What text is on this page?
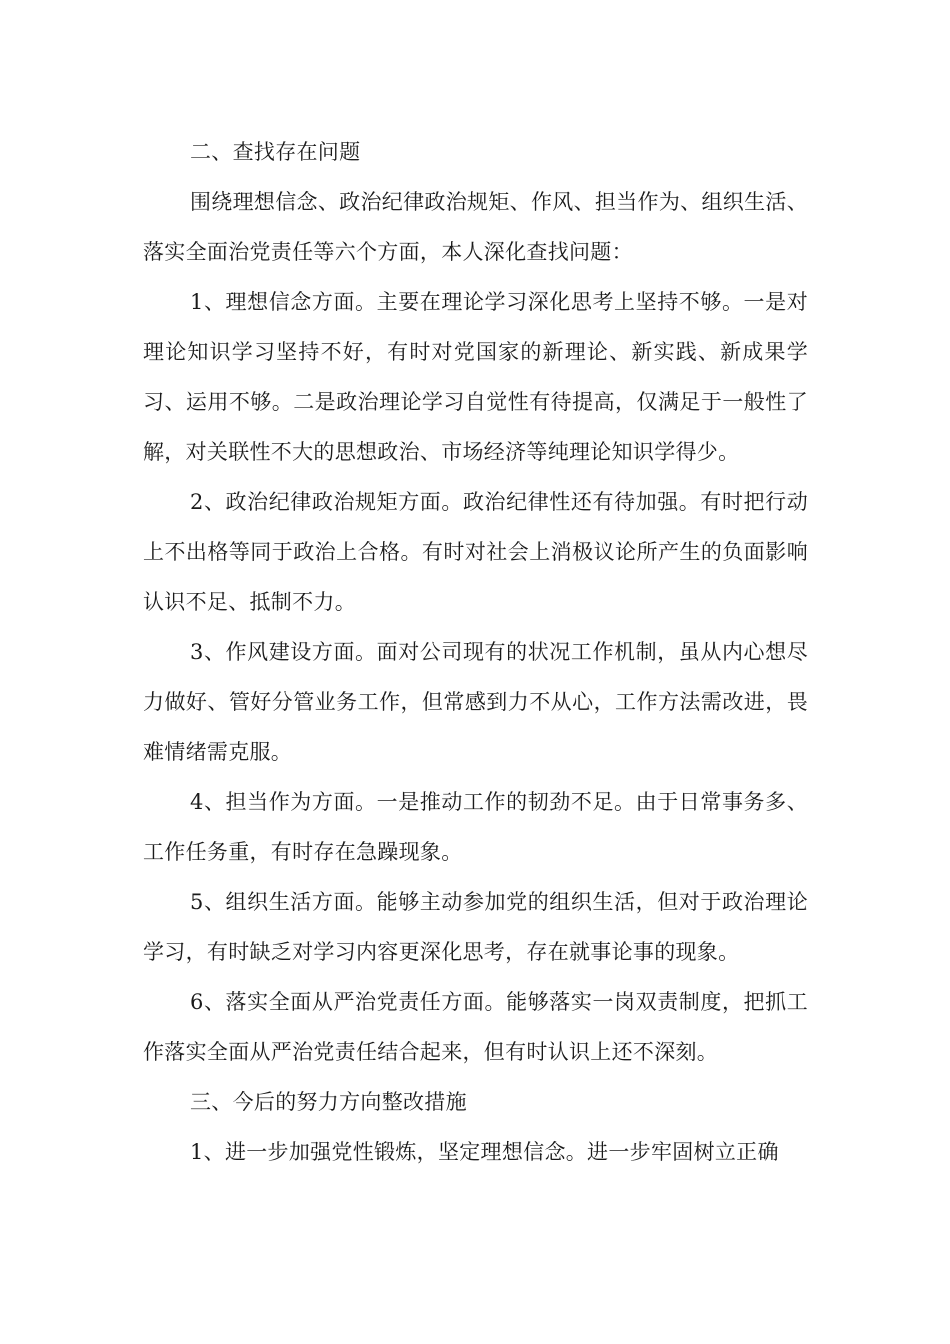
二、查找存在问题

围绕理想信念、政治纪律政治规矩、作风、担当作为、组织生活、落实全面治党责任等六个方面，本人深化查找问题：

1、理想信念方面。主要在理论学习深化思考上坚持不够。一是对理论知识学习坚持不好，有时对党国家的新理论、新实践、新成果学习、运用不够。二是政治理论学习自觉性有待提高，仅满足于一般性了解，对关联性不大的思想政治、市场经济等纯理论知识学得少。

2、政治纪律政治规矩方面。政治纪律性还有待加强。有时把行动上不出格等同于政治上合格。有时对社会上消极议论所产生的负面影响认识不足、抵制不力。

3、作风建设方面。面对公司现有的状况工作机制，虽从内心想尽力做好、管好分管业务工作，但常感到力不从心，工作方法需改进，畏难情绪需克服。

4、担当作为方面。一是推动工作的韧劲不足。由于日常事务多、工作任务重，有时存在急躁现象。

5、组织生活方面。能够主动参加党的组织生活，但对于政治理论学习，有时缺乏对学习内容更深化思考，存在就事论事的现象。

6、落实全面从严治党责任方面。能够落实一岗双责制度，把抓工作落实全面从严治党责任结合起来，但有时认识上还不深刻。

三、今后的努力方向整改措施

1、进一步加强党性锻炼，坚定理想信念。进一步牢固树立正确
